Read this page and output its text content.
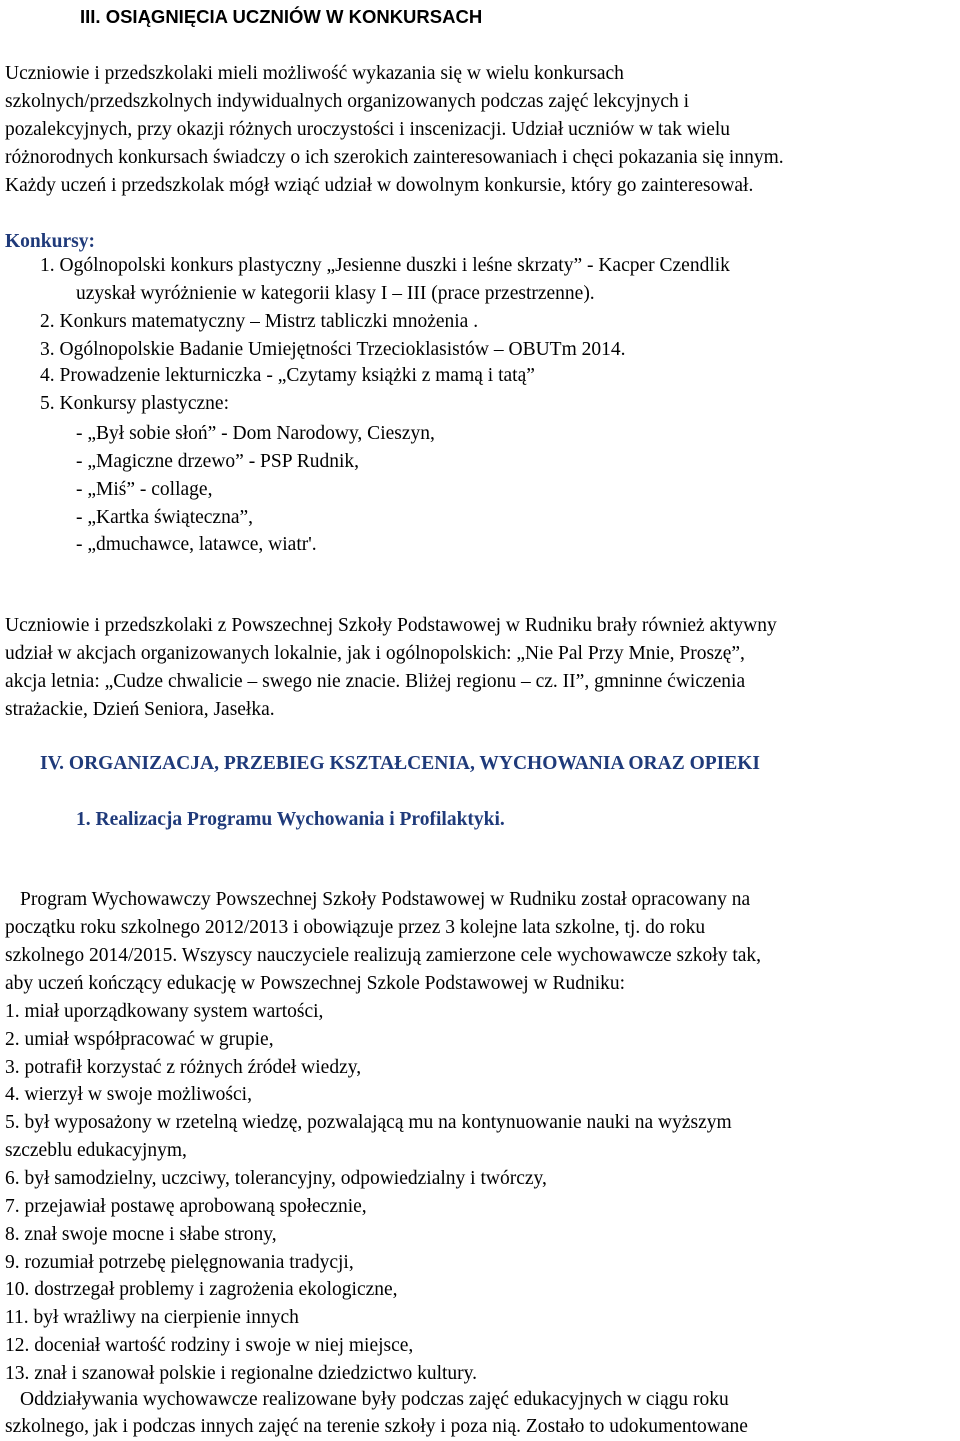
III. OSIĄGNIĘCIA UCZNIÓW W KONKURSACH
Uczniowie i przedszkolaki mieli możliwość wykazania się w wielu konkursach
szkolnych/przedszkolnych indywidualnych organizowanych podczas zajęć lekcyjnych i
pozalekcyjnych, przy okazji różnych uroczystości i inscenizacji. Udział uczniów w tak wielu
różnorodnych konkursach świadczy o ich szerokich zainteresowaniach i chęci pokazania się innym.
Każdy uczeń i przedszkolak mógł wziąć udział w dowolnym konkursie, który go zainteresował.
Konkursy:
1. Ogólnopolski konkurs plastyczny „Jesienne duszki i leśne skrzaty” - Kacper Czendlik
uzyskał wyróżnienie w kategorii klasy I – III (prace przestrzenne).
2. Konkurs matematyczny – Mistrz tabliczki mnożenia .
3. Ogólnopolskie Badanie Umiejętności Trzecioklasistów – OBUTm 2014.
4. Prowadzenie lekturniczka - „Czytamy książki z mamą i tatą”
5. Konkursy plastyczne:
- „Był sobie słoń” - Dom Narodowy, Cieszyn,
- „Magiczne drzewo” - PSP Rudnik,
- „Miś” - collage,
- „Kartka świąteczna”,
- „dmuchawce, latawce, wiatr'.
Uczniowie i przedszkolaki z Powszechnej Szkoły Podstawowej w Rudniku brały również aktywny
udział w akcjach organizowanych lokalnie, jak i ogólnopolskich: „Nie Pal Przy Mnie, Proszę”,
akcja letnia: „Cudze chwalicie – swego nie znacie. Bliżej regionu – cz. II”, gmninne ćwiczenia
strażackie, Dzień Seniora, Jasełka.
IV. ORGANIZACJA, PRZEBIEG KSZTAŁCENIA, WYCHOWANIA ORAZ OPIEKI
1. Realizacja Programu Wychowania i Profilaktyki.
Program Wychowawczy Powszechnej Szkoły Podstawowej w Rudniku został opracowany na
początku roku szkolnego 2012/2013 i obowiązuje przez 3 kolejne lata szkolne, tj. do roku
szkolnego 2014/2015. Wszyscy nauczyciele realizują zamierzone cele wychowawcze szkoły tak,
aby uczeń kończący edukację w Powszechnej Szkole Podstawowej w Rudniku:
1. miał uporządkowany system wartości,
2. umiał współpracować w grupie,
3. potrafił korzystać z różnych źródeł wiedzy,
4. wierzył w swoje możliwości,
5. był wyposażony w rzetelną wiedzę, pozwalającą mu na kontynuowanie nauki na wyższym
szczeblu edukacyjnym,
6. był samodzielny, uczciwy, tolerancyjny, odpowiedzialny i twórczy,
7. przejawiał postawę aprobowaną społecznie,
8. znał swoje mocne i słabe strony,
9. rozumiał potrzebę pielęgnowania tradycji,
10. dostrzegał problemy i zagrożenia ekologiczne,
11. był wrażliwy na cierpienie innych
12. doceniał wartość rodziny i swoje w niej miejsce,
13. znał i szanował polskie i regionalne dziedzictwo kultury.
Oddziaływania wychowawcze realizowane były podczas zajęć edukacyjnych w ciągu roku
szkolnego, jak i podczas innych zajęć na terenie szkoły i poza nią. Zostało to udokumentowane
